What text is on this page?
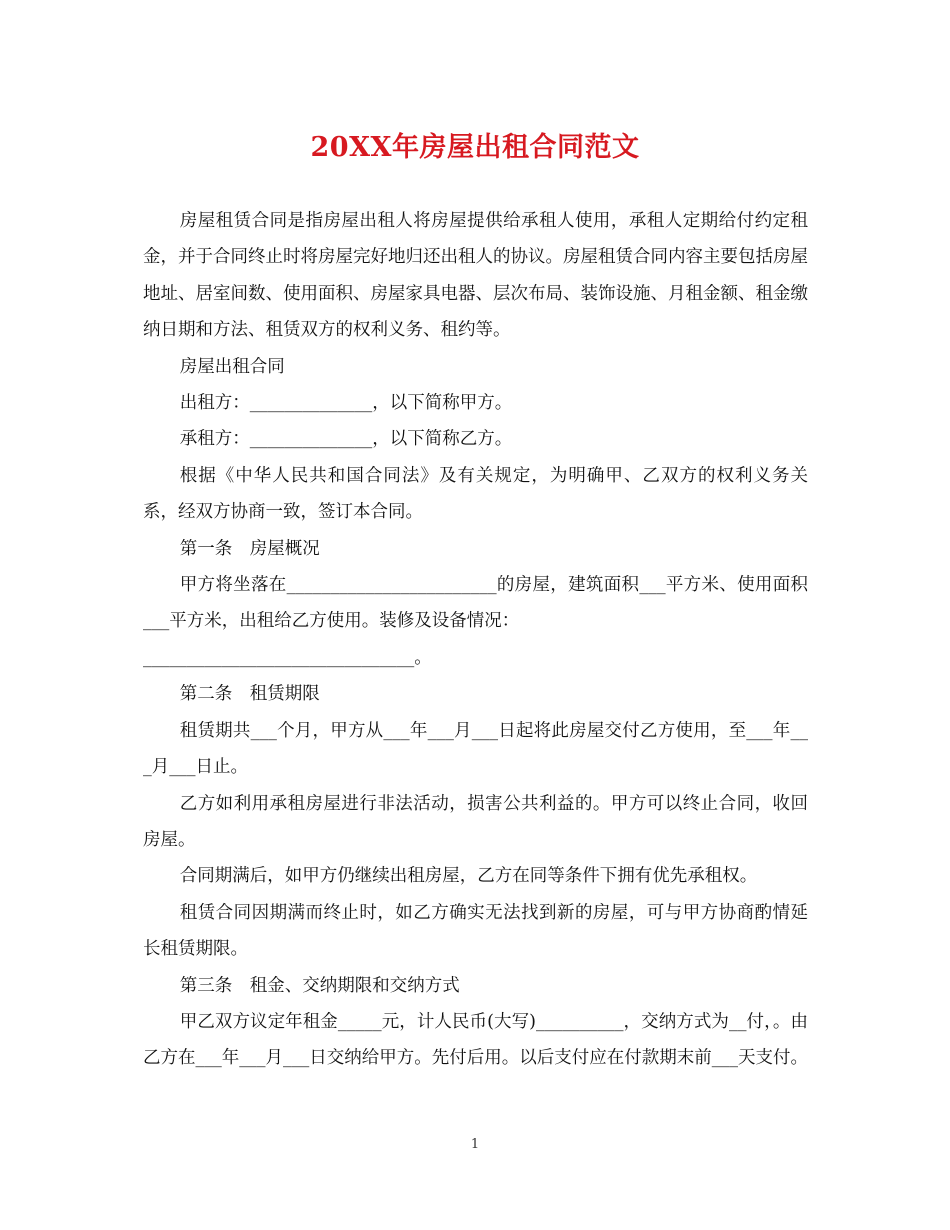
20XX年房屋出租合同范文

房屋租赁合同是指房屋出租人将房屋提供给承租人使用，承租人定期给付约定租金，并于合同终止时将房屋完好地归还出租人的协议。房屋租赁合同内容主要包括房屋地址、居室间数、使用面积、房屋家具电器、层次布局、装饰设施、月租金额、租金缴纳日期和方法、租赁双方的权利义务、租约等。

房屋出租合同

出租方：______________，以下简称甲方。

承租方：______________，以下简称乙方。

根据《中华人民共和国合同法》及有关规定，为明确甲、乙双方的权利义务关系，经双方协商一致，签订本合同。

第一条　房屋概况

甲方将坐落在________________________的房屋，建筑面积___平方米、使用面积___平方米，出租给乙方使用。装修及设备情况：

_______________________________。

第二条　租赁期限

租赁期共___个月，甲方从___年___月___日起将此房屋交付乙方使用，至___年___月___日止。

乙方如利用承租房屋进行非法活动，损害公共利益的。甲方可以终止合同，收回房屋。

合同期满后，如甲方仍继续出租房屋，乙方在同等条件下拥有优先承租权。

租赁合同因期满而终止时，如乙方确实无法找到新的房屋，可与甲方协商酌情延长租赁期限。

第三条　租金、交纳期限和交纳方式

甲乙双方议定年租金_____元，计人民币(大写)__________，交纳方式为__付，。由乙方在___年___月___日交纳给甲方。先付后用。以后支付应在付款期末前___天支付。

1
